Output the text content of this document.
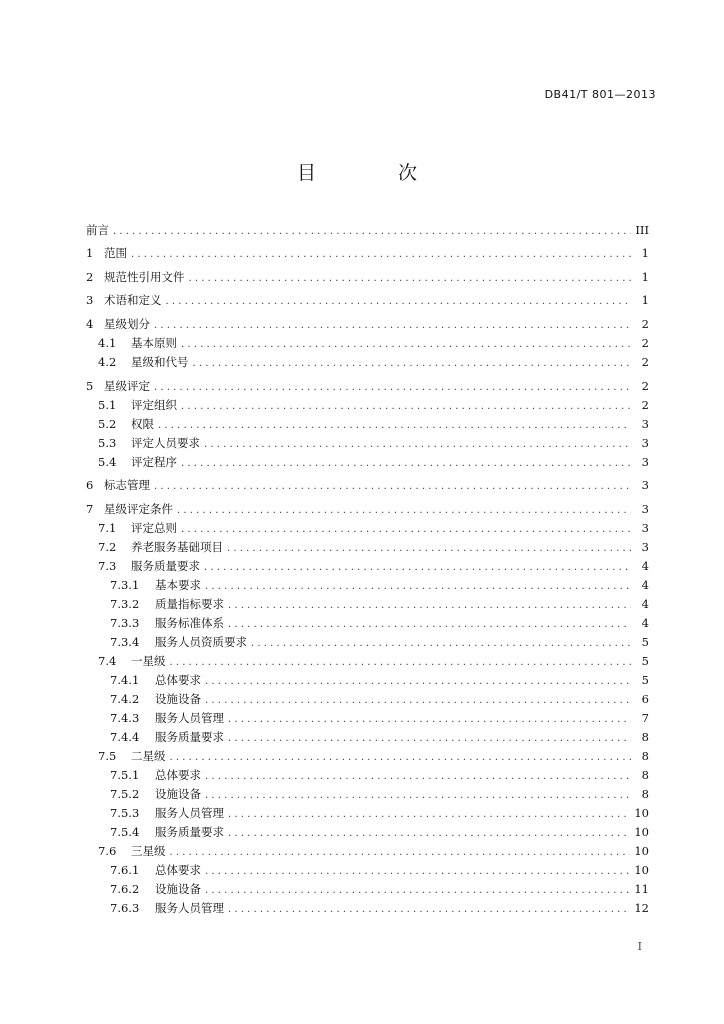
DB41/T 801—2013
目 次
前言 .....	III
1 范围 .....	1
2 规范性引用文件 .....	1
3 术语和定义 .....	1
4 星级划分 .....	2
4.1	基本原则 .....	2
4.2	星级和代号 .....	2
5 星级评定 .....	2
5.1	评定组织 .....	2
5.2	权限 .....	3
5.3	评定人员要求 .....	3
5.4	评定程序 .....	3
6 标志管理 .....	3
7 星级评定条件 .....	3
7.1	评定总则 .....	3
7.2	养老服务基础项目 .....	3
7.3	服务质量要求 .....	4
7.3.1	基本要求 .....	4
7.3.2	质量指标要求 .....	4
7.3.3	服务标准体系 .....	4
7.3.4	服务人员资质要求 .....	5
7.4	一星级 .....	5
7.4.1	总体要求 .....	5
7.4.2	设施设备 .....	6
7.4.3	服务人员管理 .....	7
7.4.4	服务质量要求 .....	8
7.5	二星级 .....	8
7.5.1	总体要求 .....	8
7.5.2	设施设备 .....	8
7.5.3	服务人员管理 .....	10
7.5.4	服务质量要求 .....	10
7.6	三星级 .....	10
7.6.1	总体要求 .....	10
7.6.2	设施设备 .....	11
7.6.3	服务人员管理 .....	12
I
